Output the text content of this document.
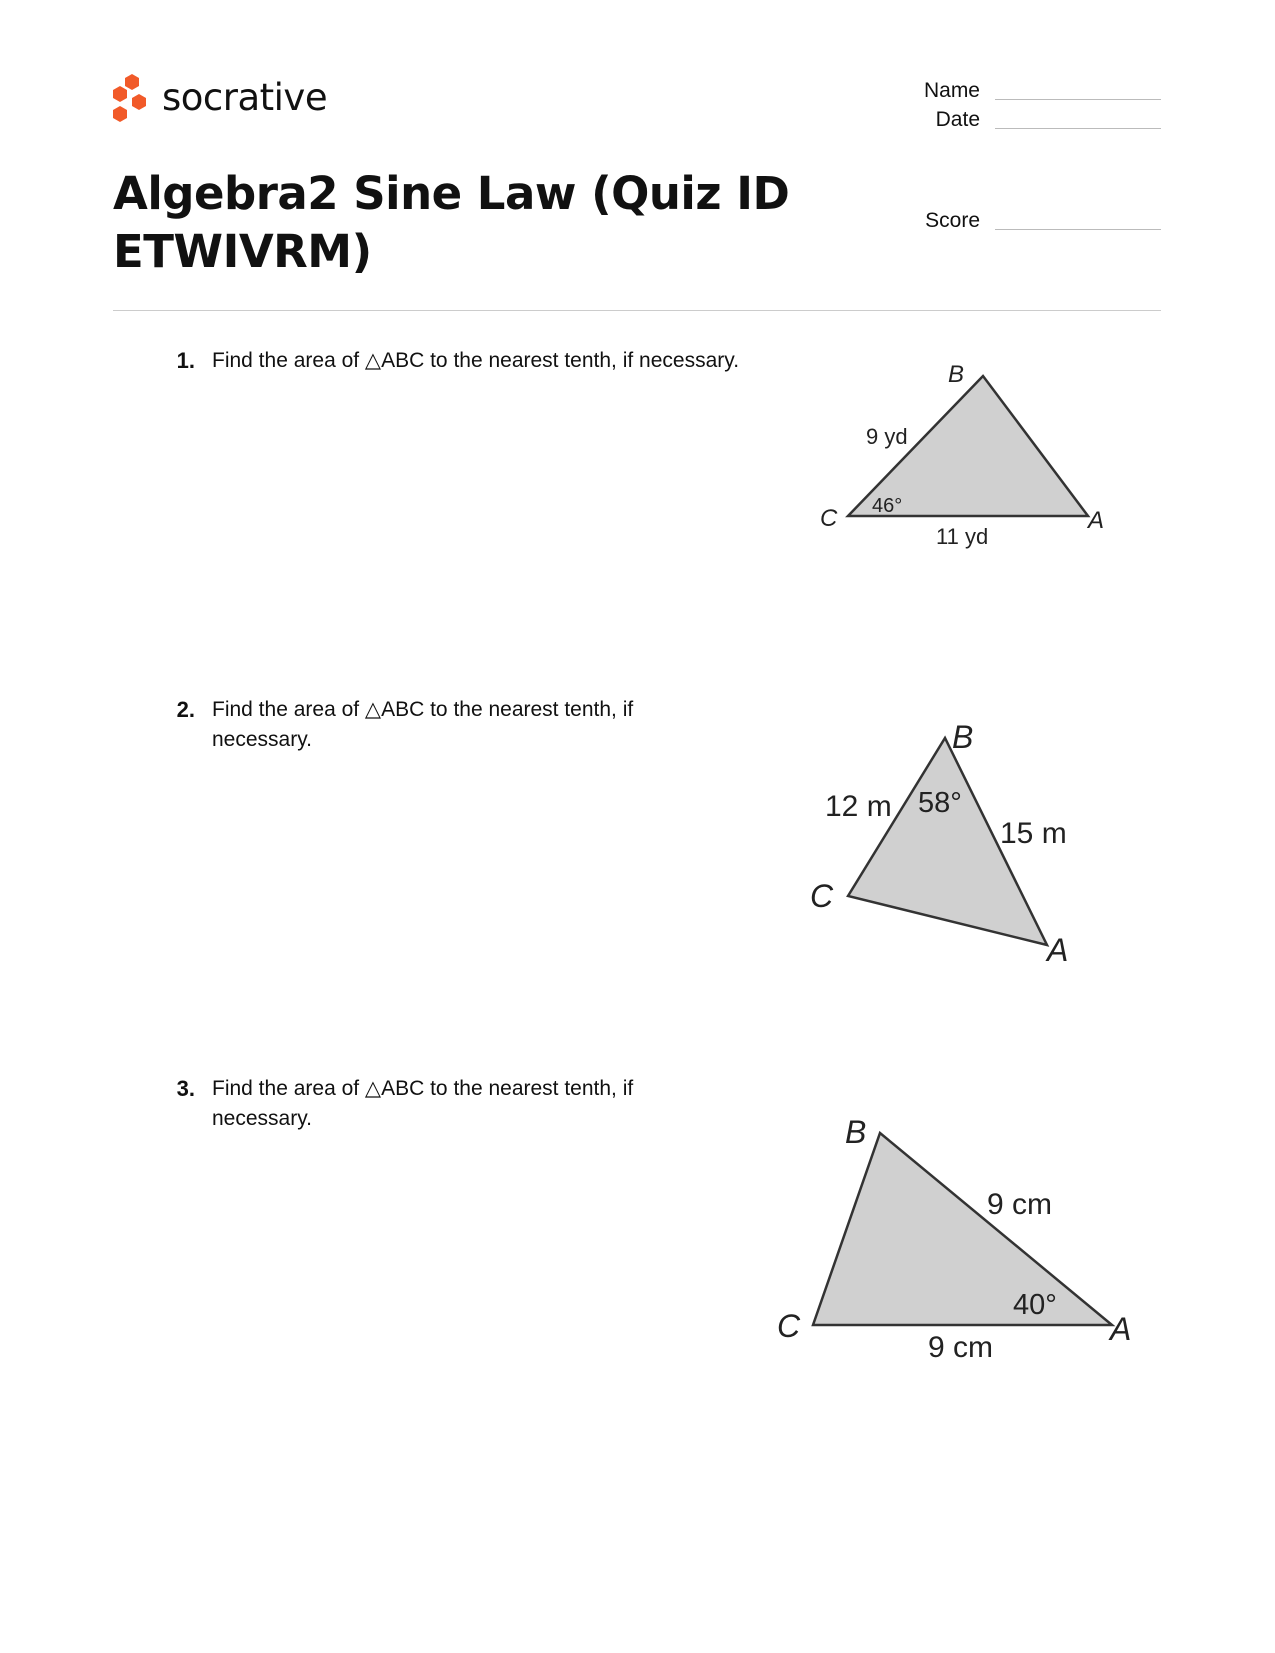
socrative	Name
Date
Score
Algebra2 Sine Law (Quiz ID ETWIVRM)
1. Find the area of △ABC to the nearest tenth, if necessary.
2. Find the area of △ABC to the nearest tenth, if necessary.
3. Find the area of △ABC to the nearest tenth, if necessary.
B
C	A
9 yd
11 yd
46°
B
C
A
12 m
15 m
58°
B
C	A
9 cm
9 cm
40°
